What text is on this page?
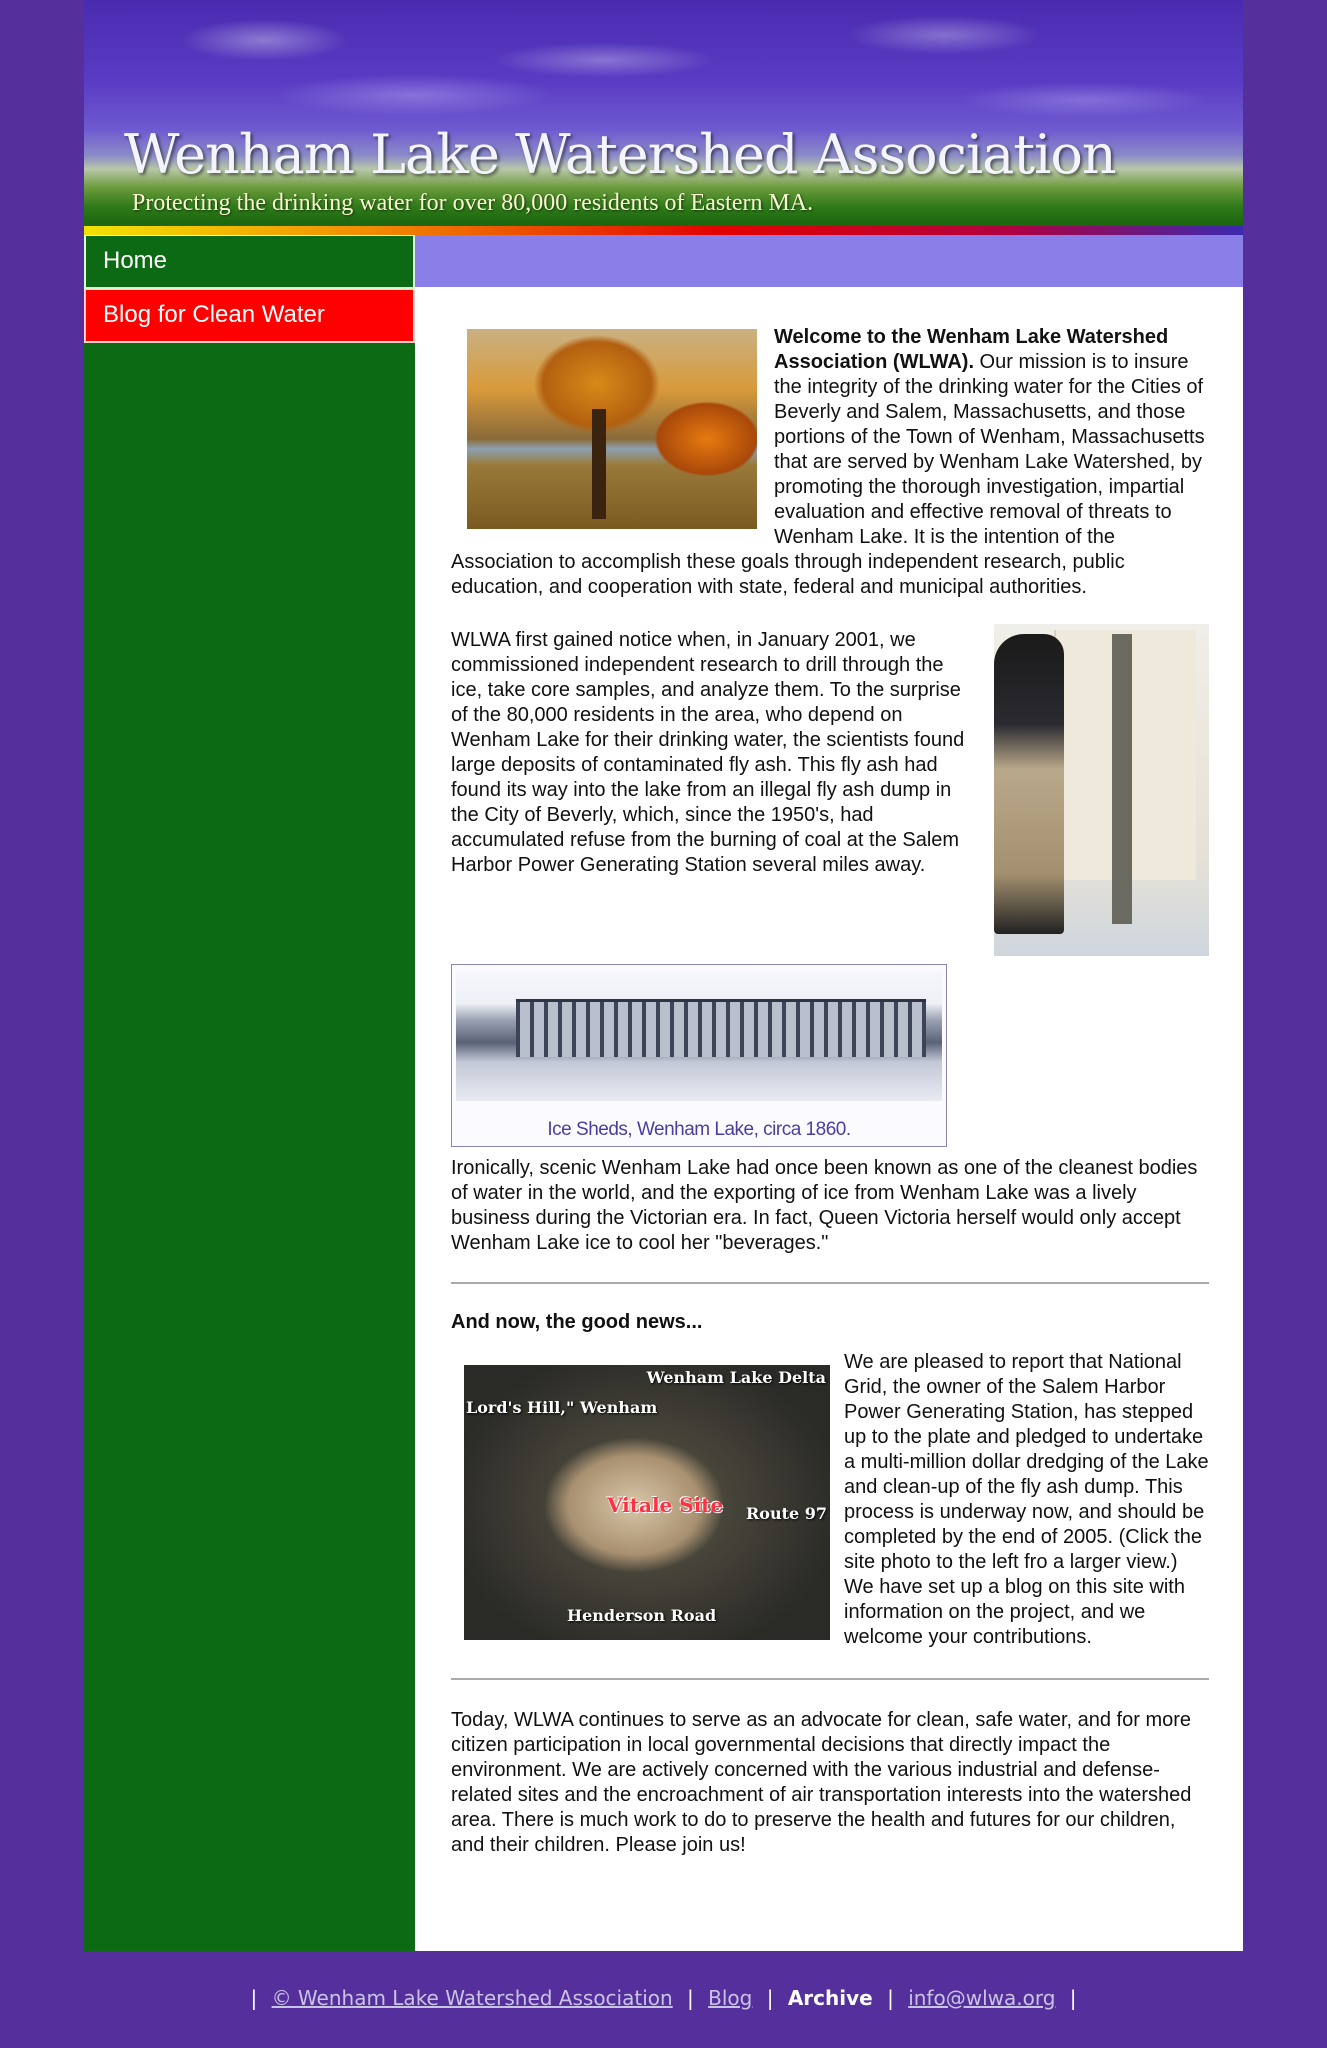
Wenham Lake Watershed Association
Protecting the drinking water for over 80,000 residents of Eastern MA.
Home
Blog for Clean Water

Welcome to the Wenham Lake Watershed Association (WLWA). Our mission is to insure the integrity of the drinking water for the Cities of Beverly and Salem, Massachusetts, and those portions of the Town of Wenham, Massachusetts that are served by Wenham Lake Watershed, by promoting the thorough investigation, impartial evaluation and effective removal of threats to Wenham Lake. It is the intention of the Association to accomplish these goals through independent research, public education, and cooperation with state, federal and municipal authorities.

WLWA first gained notice when, in January 2001, we commissioned independent research to drill through the ice, take core samples, and analyze them. To the surprise of the 80,000 residents in the area, who depend on Wenham Lake for their drinking water, the scientists found large deposits of contaminated fly ash. This fly ash had found its way into the lake from an illegal fly ash dump in the City of Beverly, which, since the 1950's, had accumulated refuse from the burning of coal at the Salem Harbor Power Generating Station several miles away.

Ice Sheds, Wenham Lake, circa 1860.

Ironically, scenic Wenham Lake had once been known as one of the cleanest bodies of water in the world, and the exporting of ice from Wenham Lake was a lively business during the Victorian era. In fact, Queen Victoria herself would only accept Wenham Lake ice to cool her "beverages."

And now, the good news...

Wenham Lake Delta
Lord's Hill," Wenham
Vitale Site Route 97
Henderson Road

We are pleased to report that National Grid, the owner of the Salem Harbor Power Generating Station, has stepped up to the plate and pledged to undertake a multi-million dollar dredging of the Lake and clean-up of the fly ash dump. This process is underway now, and should be completed by the end of 2005. (Click the site photo to the left fro a larger view.) We have set up a blog on this site with information on the project, and we welcome your contributions.

Today, WLWA continues to serve as an advocate for clean, safe water, and for more citizen participation in local governmental decisions that directly impact the environment. We are actively concerned with the various industrial and defense-related sites and the encroachment of air transportation interests into the watershed area. There is much work to do to preserve the health and futures for our children, and their children. Please join us!

| © Wenham Lake Watershed Association | Blog | Archive | info@wlwa.org |
